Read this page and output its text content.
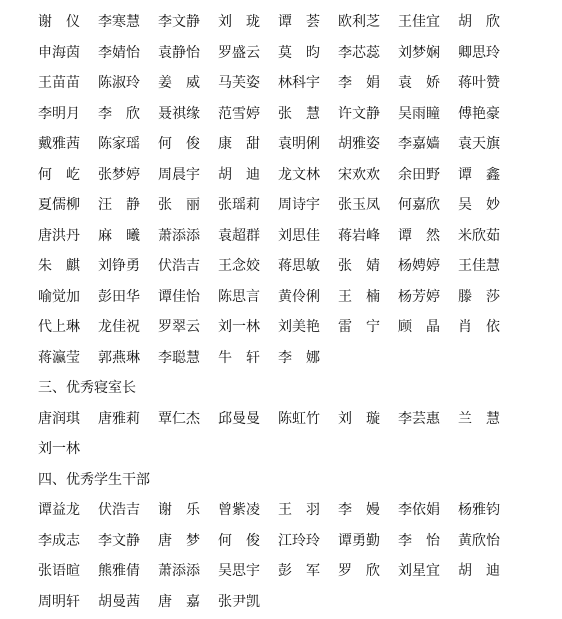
谢　仪	李寒慧	李文静	刘　珑	谭　荟	欧利芝	王佳宜	胡　欣
申海茵	李婧怡	袁静怡	罗盛云	莫　昀	李芯蕊	刘梦娴	卿思玲
王苗苗	陈淑玲	姜　威	马芙姿	林科宇	李　娟	袁　娇	蒋叶赞
李明月	李　欣	聂祺缘	范雪婷	张　慧	许文静	吴雨瞳	傅艳豪
戴雅茜	陈家瑶	何　俊	康　甜	袁明俐	胡雅姿	李嘉嫱	袁天旗
何　屹	张梦婷	周晨宇	胡　迪	龙文林	宋欢欢	余田野	谭　鑫
夏儒柳	汪　静	张　丽	张瑶莉	周诗宇	张玉凤	何嘉欣	吴　妙
唐洪丹	麻　曦	萧添添	袁超群	刘思佳	蒋岩峰	谭　然	米欣茹
朱　麒	刘铮勇	伏浩吉	王念姣	蒋思敏	张　婧	杨娉婷	王佳慧
喻觉加	彭田华	谭佳怡	陈思言	黄伶俐	王　楠	杨芳婷	滕　莎
代上琳	龙佳祝	罗翠云	刘一林	刘美艳	雷　宁	顾　晶	肖　依
蒋瀛莹	郭燕琳	李聪慧	牛　轩	李　娜
三、优秀寝室长
唐润琪	唐雅莉	覃仁杰	邱曼曼	陈虹竹	刘　璇	李芸惠	兰　慧
刘一林
四、优秀学生干部
谭益龙	伏浩吉	谢　乐	曾紫凌	王　羽	李　嫚	李依娟	杨雅钧
李成志	李文静	唐　梦	何　俊	江玲玲	谭勇勤	李　怡	黄欣怡
张语暄	熊雅倩	萧添添	吴思宇	彭　军	罗　欣	刘星宜	胡　迪
周明轩	胡曼茜	唐　嘉	张尹凯
